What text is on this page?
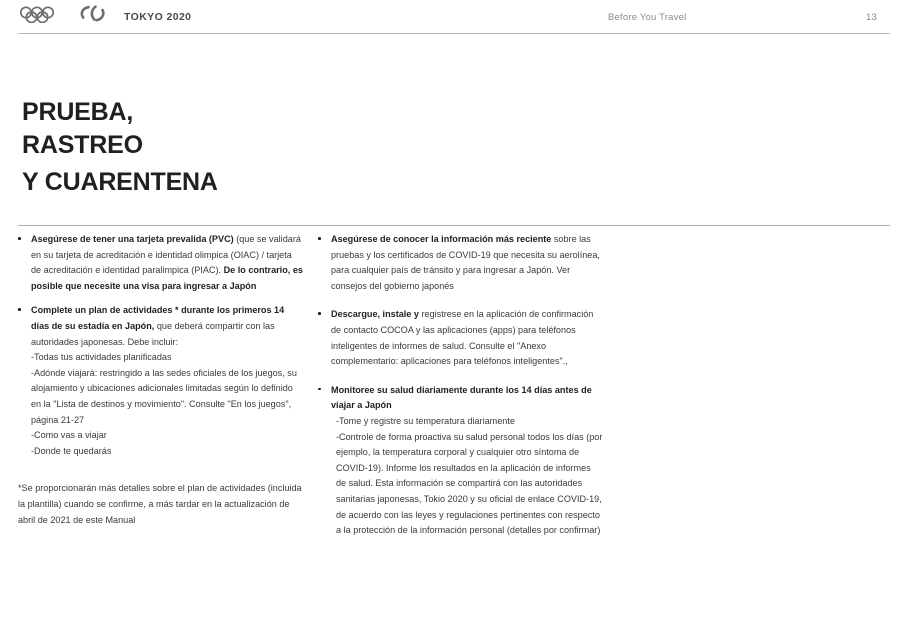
TOKYO 2020	Before You Travel	13
PRUEBA,
RASTREO
Y CUARENTENA
Asegúrese de tener una tarjeta prevalida (PVC) (que se validará en su tarjeta de acreditación e identidad olimpica (OIAC) / tarjeta de acreditación e identidad paralimpica (PIAC). De lo contrario, es posible que necesite una visa para ingresar a Japón
Complete un plan de actividades * durante los primeros 14 días de su estadía en Japón, que deberá compartir con las autoridades japonesas. Debe incluir:
-Todas tus actividades planificadas
-Adónde viajará: restringido a las sedes oficiales de los juegos, su alojamiento y ubicaciones adicionales limitadas según lo definido en la "Lista de destinos y movimiento". Consulte "En los juegos", página 21-27
-Como vas a viajar
-Donde te quedarás
*Se proporcionarán más detalles sobre el plan de actividades (incluida la plantilla) cuando se confirme, a más tardar en la actualización de abril de 2021 de este Manual
Asegúrese de conocer la información más reciente sobre las pruebas y los certificados de COVID-19 que necesita su aerolínea, para cualquier país de tránsito y para ingresar a Japón. Ver consejos del gobierno japonés
Descargue, instale y registrese en la aplicación de confirmación de contacto COCOA y las aplicaciones (apps) para teléfonos inteligentes de informes de salud. Consulte el "Anexo complementario: aplicaciones para teléfonos inteligentes".,
Monitoree su salud diariamente durante los 14 días antes de viajar a Japón
-Tome y registre su temperatura diariamente
-Controle de forma proactiva su salud personal todos los días (por ejemplo, la temperatura corporal y cualquier otro síntoma de COVID-19). Informe los resultados en la aplicación de informes de salud. Esta información se compartirá con las autoridades sanitarias japonesas, Tokio 2020 y su oficial de enlace COVID-19, de acuerdo con las leyes y regulaciones pertinentes con respecto a la protección de la información personal (detalles por confirmar)
